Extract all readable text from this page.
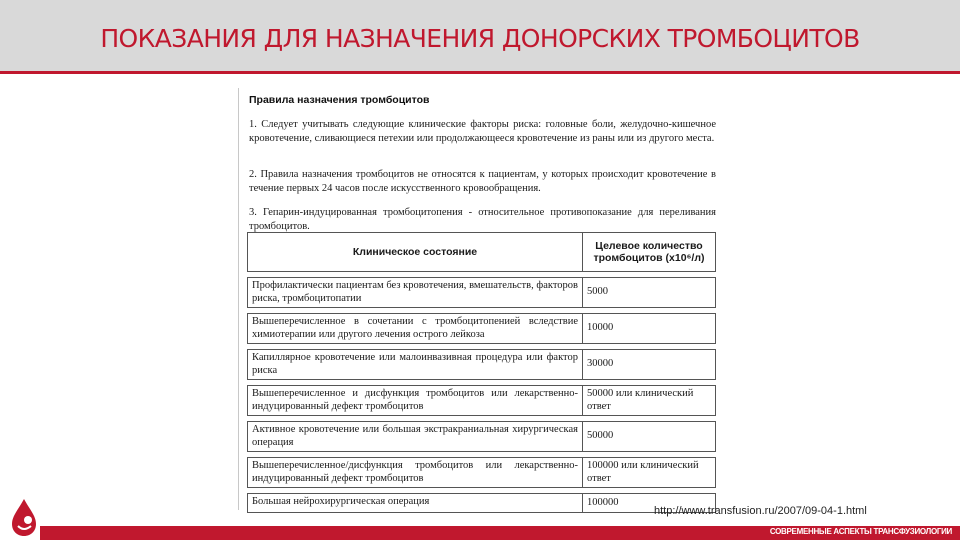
ПОКАЗАНИЯ ДЛЯ НАЗНАЧЕНИЯ ДОНОРСКИХ ТРОМБОЦИТОВ
Правила назначения тромбоцитов
1. Следует учитывать следующие клинические факторы риска: головные боли, желудочно-кишечное кровотечение, сливающиеся петехии или продолжающееся кровотечение из раны или из другого места.
2. Правила назначения тромбоцитов не относятся к пациентам, у которых происходит кровотечение в течение первых 24 часов после искусственного кровообращения.
3. Гепарин-индуцированная тромбоцитопения - относительное противопоказание для переливания тромбоцитов.
Клиническое состояние	Целевое количество тромбоцитов (x10⁶/л)

Профилактически пациентам без кровотечения, вмешательств, факторов риска, тромбоцитопатии	5000

Вышеперечисленное в сочетании с тромбоцитопенией вследствие химиотерапии или другого лечения острого лейкоза	10000

Капиллярное кровотечение или малоинвазивная процедура или фактор риска	30000

Вышеперечисленное и дисфункция тромбоцитов или лекарственно-индуцированный дефект тромбоцитов	50000 или клинический ответ

Активное кровотечение или большая экстракраниальная хирургическая операция	50000

Вышеперечисленное/дисфункция тромбоцитов или лекарственно-индуцированный дефект тромбоцитов	100000 или клинический ответ

Большая нейрохирургическая операция	100000
http://www.transfusion.ru/2007/09-04-1.html
СОВРЕМЕННЫЕ АСПЕКТЫ ТРАНСФУЗИОЛОГИИ
